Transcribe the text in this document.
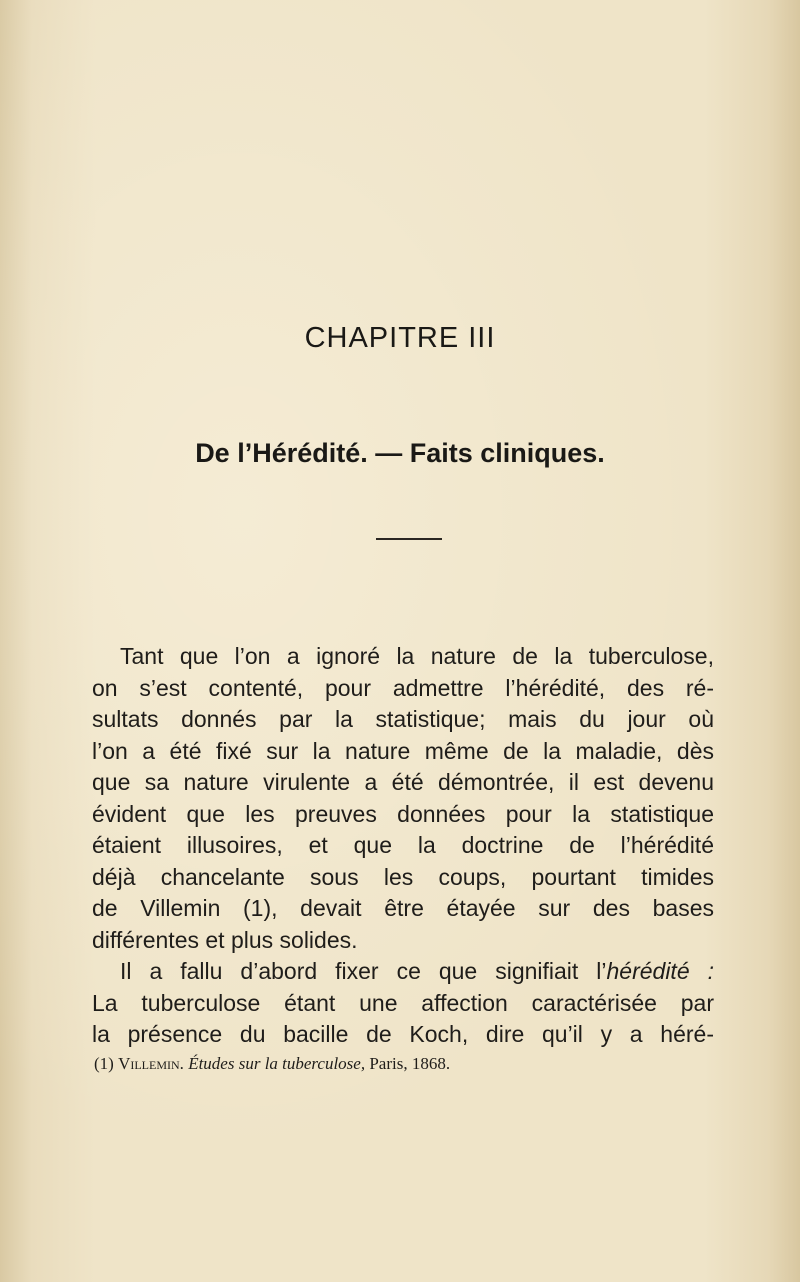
CHAPITRE III
De l’Hérédité. — Faits cliniques.
Tant que l’on a ignoré la nature de la tuberculose,
on s’est contenté, pour admettre l’hérédité, des ré-
sultats donnés par la statistique; mais du jour où
l’on a été fixé sur la nature même de la maladie, dès
que sa nature virulente a été démontrée, il est devenu
évident que les preuves données pour la statistique
étaient illusoires, et que la doctrine de l’hérédité
déjà chancelante sous les coups, pourtant timides
de Villemin (1), devait être étayée sur des bases
différentes et plus solides.
Il a fallu d’abord fixer ce que signifiait l’hérédité :
La tuberculose étant une affection caractérisée par
la présence du bacille de Koch, dire qu’il y a héré-
(1) Villemin. Études sur la tuberculose, Paris, 1868.
